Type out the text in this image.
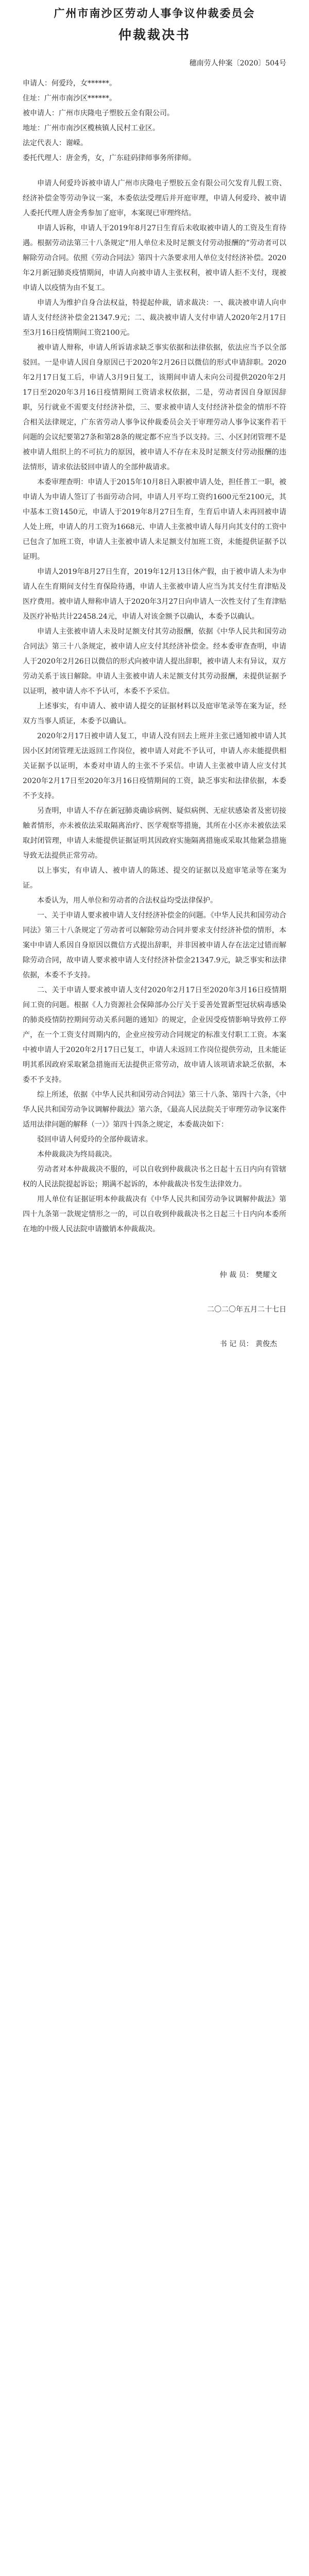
广州市南沙区劳动人事争议仲裁委员会
仲裁裁决书
穗南劳人仲案〔2020〕504号

申请人：何爱玲，女******。

住址：广州市南沙区******。

被申请人：广州市庆隆电子塑胶五金有限公司。

地址：广州市南沙区榄核镇人民村工业区。

法定代表人：谢嵘。

委托代理人：唐金秀，女，广东硅码律师事务所律师。

申请人何爱玲诉被申请人广州市庆隆电子塑胶五金有限公司欠发育儿假工资、经济补偿金等劳动争议一案，本委依法受理后并开庭审理，申请人何爱玲、被申请人委托代理人唐金秀参加了庭审，本案现已审理终结。

申请人诉称，申请人于2019年8月27日生育后未收取被申请人的工资及生育待遇。根据劳动法第三十八条规定“用人单位未及时足额支付劳动报酬的”劳动者可以解除劳动合同。依照《劳动合同法》第四十六条要求用人单位支付经济补偿。2020年2月新冠肺炎疫情期间，申请人向被申请人主张权利，被申请人拒不支付，现被申请人以疫情为由不复工。

申请人为维护自身合法权益，特提起仲裁，请求裁决：一、裁决被申请人向申请人支付经济补偿金21347.9元；二、裁决被申请人支付申请人2020年2月17日至3月16日疫情期间工资2100元。

被申请人辩称，申请人所诉请求缺乏事实依据和法律依据，依法应当予以全部驳回。一是申请人因自身原因已于2020年2月26日以微信的形式申请辞职。2020年2月17日复工后，申请人3月9日复工，该期间申请人未向公司提供2020年2月17日至2020年3月16日疫情期间工资请求权依据，二是，劳动者因自身原因辞职，另行就业不需要支付经济补偿，三、要求被申请人支付经济补偿金的情形不符合相关法律规定，广东省劳动人事争议仲裁委员会关于审理劳动人事争议案件若干问题的会议纪要第27条和第28条的规定都不应当予以支持。三、小区封闭管理不是被申请人组织上的不可抗力的原因，被申请人不存在未及时足额支付劳动报酬的违法情形，请求依法驳回申请人的全部仲裁请求。

本委审理查明：申请人于2015年10月8日入职被申请人处，担任普工一职，被申请人为申请人签订了书面劳动合同，申请人月平均工资约1600元至2100元，其中基本工资1450元，申请人于2019年8月27日生育，生育后申请人未再回被申请人处上班，申请人的月工资为1668元、申请人主张被申请人每月向其支付的工资中已包含了加班工资，申请人主张被申请人未足额支付加班工资，未能提供证据予以证明。

申请人2019年8月27日生育，2019年12月13日休产假，由于被申请人未为申请人在生育期间支付生育保险待遇，申请人主张被申请人应当为其支付生育津贴及医疗费用。被申请人辩称申请人于2020年3月27日向申请人一次性支付了生育津贴及医疗补贴共计22458.24元，申请人对该金额予以确认，本委予以确认。

申请人主张被申请人未及时足额支付其劳动报酬，依据《中华人民共和国劳动合同法》第三十八条规定，被申请人应支付其经济补偿金。经本委审查查明，申请人于2020年2月26日以微信的形式向被申请人提出辞职，被申请人未有异议，双方劳动关系于该日解除。申请人主张被申请人未足额支付其劳动报酬，未提供证据予以证明，被申请人亦不予认可，本委不予采信。

上述事实，有申请人、被申请人提交的证据材料以及庭审笔录等在案为证，经双方当事人质证，本委予以确认。

2020年2月17日被申请人复工，申请人没有回去上班并主张已通知被申请人其因小区封闭管理无法返回工作岗位，被申请人对此不予认可，申请人亦未能提供相关证据予以证明，本委对申请人的主张不予采信。申请人主张被申请人应支付其2020年2月17日至2020年3月16日疫情期间的工资，缺乏事实和法律依据，本委不予支持。

另查明，申请人不存在新冠肺炎确诊病例、疑似病例、无症状感染者及密切接触者情形，亦未被依法采取隔离治疗、医学观察等措施，其所在小区亦未被依法采取封闭管理，申请人未能提供证据证明其因政府实施隔离措施或采取其他紧急措施导致无法提供正常劳动。

以上事实，有申请人、被申请人的陈述、提交的证据以及庭审笔录等在案为证。

本委认为，用人单位和劳动者的合法权益均受法律保护。

一、关于申请人要求被申请人支付经济补偿金的问题。《中华人民共和国劳动合同法》第三十八条规定了劳动者可以解除劳动合同并要求支付经济补偿的情形，本案中申请人系因自身原因以微信方式提出辞职，并非因被申请人存在法定过错而解除劳动合同，故申请人要求被申请人支付经济补偿金21347.9元，缺乏事实和法律依据，本委不予支持。

二、关于申请人要求被申请人支付2020年2月17日至2020年3月16日疫情期间工资的问题。根据《人力资源社会保障部办公厅关于妥善处置新型冠状病毒感染的肺炎疫情防控期间劳动关系问题的通知》的规定，企业因受疫情影响导致停工停产，在一个工资支付周期内的，企业应按劳动合同规定的标准支付职工工资。本案中被申请人于2020年2月17日已复工，申请人未返回工作岗位提供劳动，且未能证明其系因政府采取紧急措施而无法提供正常劳动，故申请人该项请求缺乏依据，本委不予支持。

综上所述，依据《中华人民共和国劳动合同法》第三十八条、第四十六条，《中华人民共和国劳动争议调解仲裁法》第六条，《最高人民法院关于审理劳动争议案件适用法律问题的解释（一）》第四十四条之规定，本委裁决如下：

驳回申请人何爱玲的全部仲裁请求。

本仲裁裁决为终局裁决。

劳动者对本仲裁裁决不服的，可以自收到仲裁裁决书之日起十五日内向有管辖权的人民法院提起诉讼；期满不起诉的，本仲裁裁决书发生法律效力。

用人单位有证据证明本仲裁裁决有《中华人民共和国劳动争议调解仲裁法》第四十九条第一款规定情形之一的，可以自收到仲裁裁决书之日起三十日内向本委所在地的中级人民法院申请撤销本仲裁裁决。

仲 裁 员： 樊耀文

二〇二〇年五月二十七日

书 记 员： 黄俊杰
